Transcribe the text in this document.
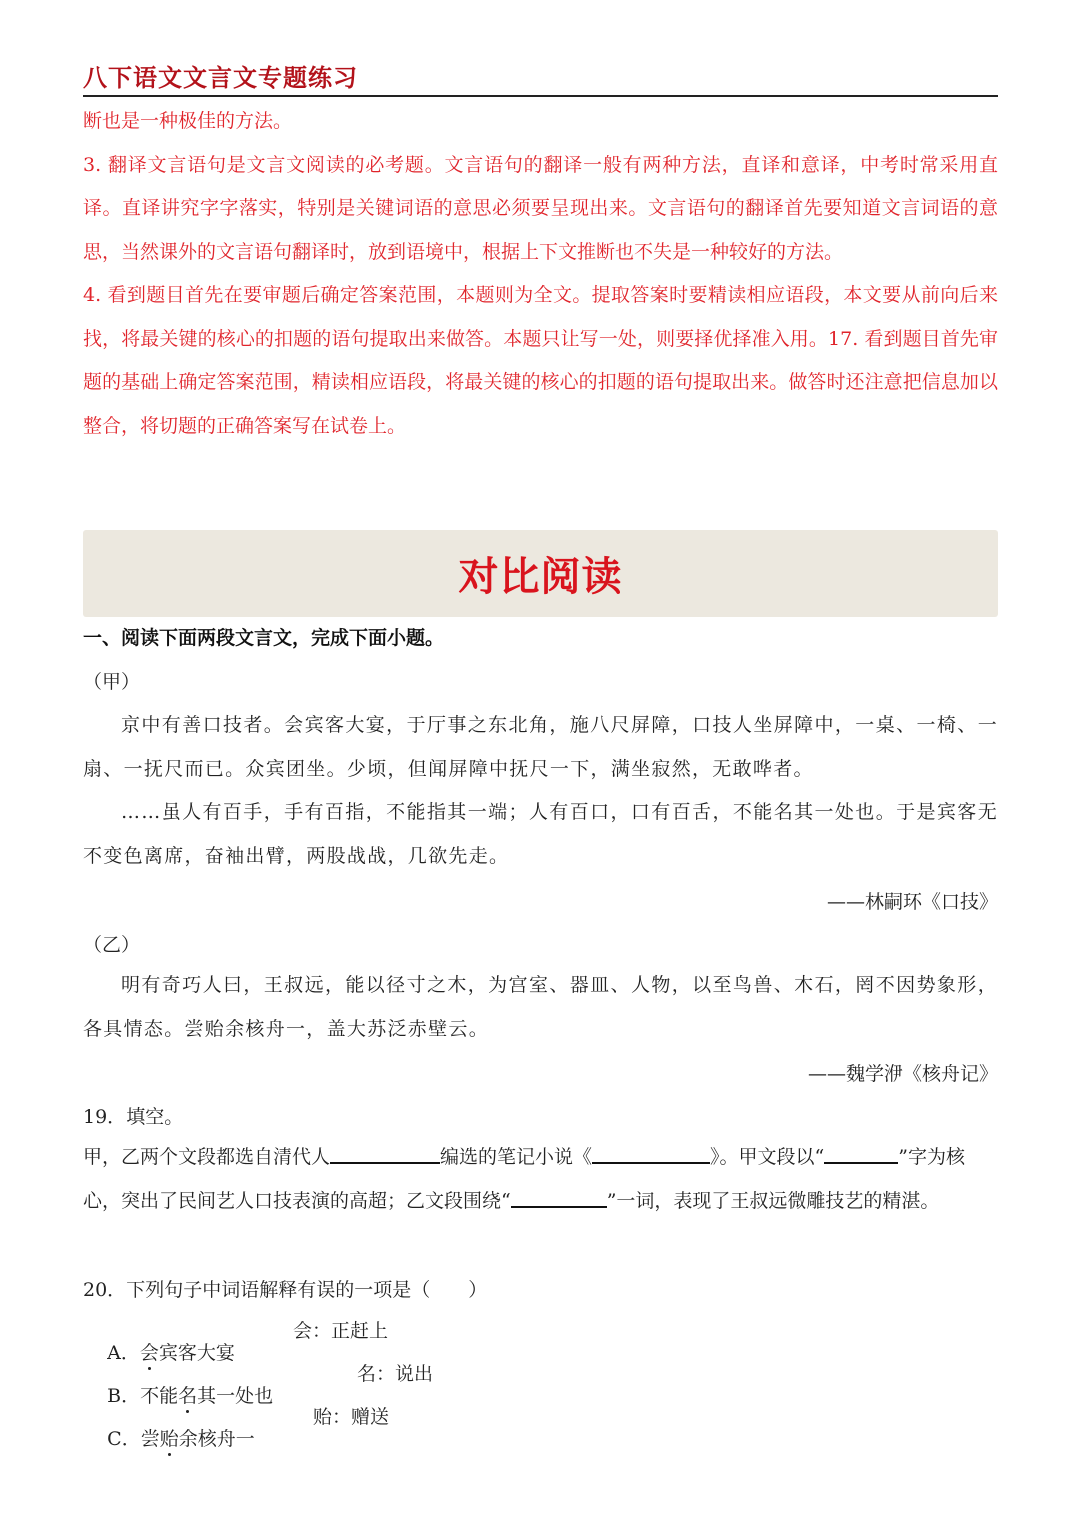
八下语文文言文专题练习

断也是一种极佳的方法。

3. 翻译文言语句是文言文阅读的必考题。文言语句的翻译一般有两种方法，直译和意译，中考时常采用直译。直译讲究字字落实，特别是关键词语的意思必须要呈现出来。文言语句的翻译首先要知道文言词语的意思，当然课外的文言语句翻译时，放到语境中，根据上下文推断也不失是一种较好的方法。

4. 看到题目首先在要审题后确定答案范围，本题则为全文。提取答案时要精读相应语段，本文要从前向后来找，将最关键的核心的扣题的语句提取出来做答。本题只让写一处，则要择优择准入用。17. 看到题目首先审题的基础上确定答案范围，精读相应语段，将最关键的核心的扣题的语句提取出来。做答时还注意把信息加以整合，将切题的正确答案写在试卷上。

对比阅读
一、阅读下面两段文言文，完成下面小题。
（甲）

京中有善口技者。会宾客大宴，于厅事之东北角，施八尺屏障，口技人坐屏障中，一桌、一椅、一扇、一抚尺而已。众宾团坐。少顷，但闻屏障中抚尺一下，满坐寂然，无敢哗者。

……虽人有百手，手有百指，不能指其一端；人有百口，口有百舌，不能名其一处也。于是宾客无不变色离席，奋袖出臂，两股战战，几欲先走。

——林嗣环《口技》
（乙）

明有奇巧人曰，王叔远，能以径寸之木，为宫室、器皿、人物，以至鸟兽、木石，罔不因势象形，各具情态。尝贻余核舟一，盖大苏泛赤壁云。

——魏学洢《核舟记》
19．填空。

甲，乙两个文段都选自清代人	编选的笔记小说《	》。甲文段以“	”字为核心，突出了民间艺人口技表演的高超；乙文段围绕“	”一词，表现了王叔远微雕技艺的精湛。

20．下列句子中词语解释有误的一项是（　　）

A．会宾客大宴

会：正赶上

B．不能名其一处也

名：说出

C．尝贻余核舟一

贻：赠送
